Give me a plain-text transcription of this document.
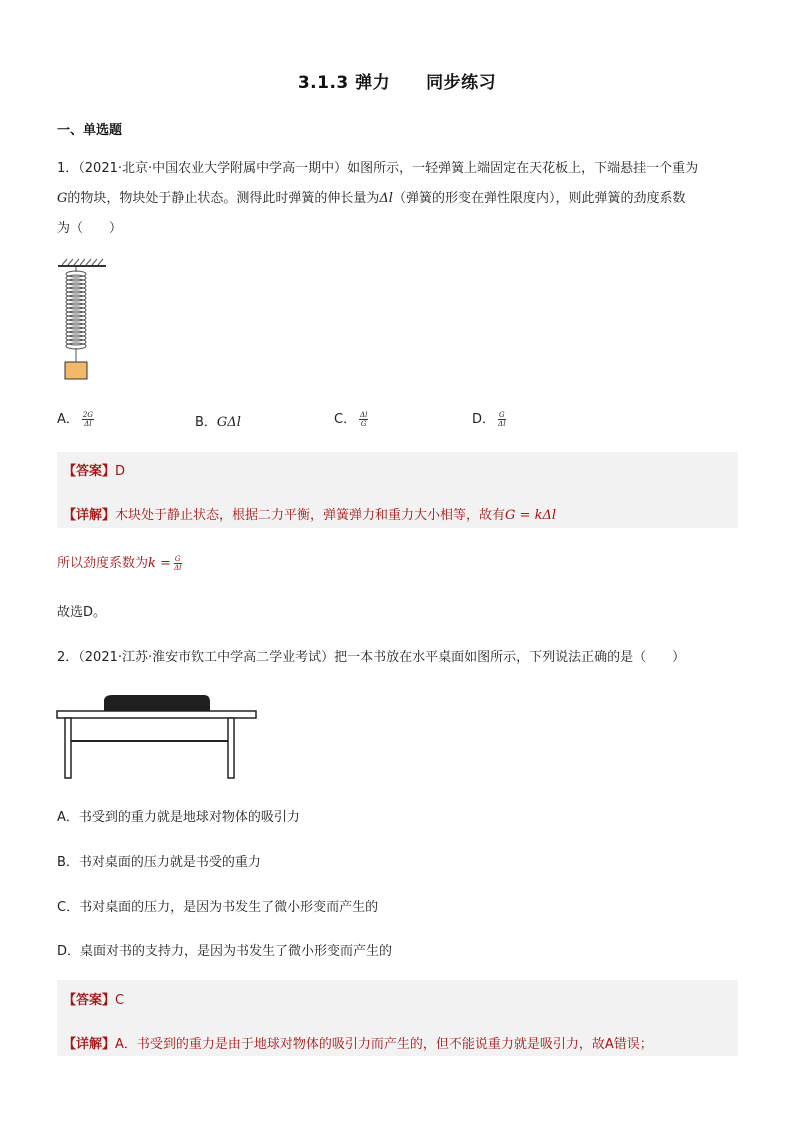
3.1.3 弹力 同步练习
一、单选题
1．（2021·北京·中国农业大学附属中学高一期中）如图所示，一轻弹簧上端固定在天花板上，下端悬挂一个重为
G的物块，物块处于静止状态。测得此时弹簧的伸长量为Δl（弹簧的形变在弹性限度内），则此弹簧的劲度系数
为（　　）
A． $\frac{2G}{\Delta l}$	B．GΔl	C． $\frac{\Delta l}{G}$	D． $\frac{G}{\Delta l}$
【答案】D
【详解】木块处于静止状态，根据二力平衡，弹簧弹力和重力大小相等，故有G = kΔl
所以劲度系数为$k = \frac{G}{\Delta l}$
故选D。
2．（2021·江苏·淮安市钦工中学高二学业考试）把一本书放在水平桌面如图所示，下列说法正确的是（　　）
A．书受到的重力就是地球对物体的吸引力
B．书对桌面的压力就是书受的重力
C．书对桌面的压力，是因为书发生了微小形变而产生的
D．桌面对书的支持力，是因为书发生了微小形变而产生的
【答案】C
【详解】A．书受到的重力是由于地球对物体的吸引力而产生的，但不能说重力就是吸引力，故A错误；
